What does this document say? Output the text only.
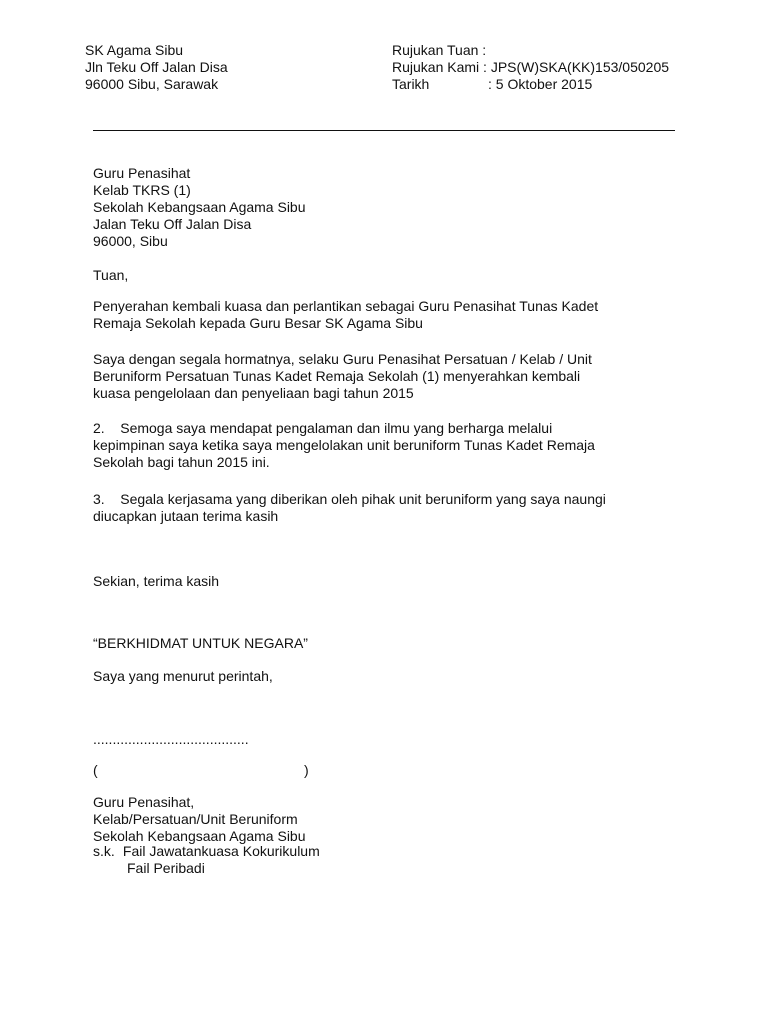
SK Agama Sibu
Jln Teku Off Jalan Disa
96000 Sibu, Sarawak
Rujukan Tuan :
Rujukan Kami : JPS(W)SKA(KK)153/050205
Tarikh	: 5 Oktober 2015
Guru Penasihat
Kelab TKRS (1)
Sekolah Kebangsaan Agama Sibu
Jalan Teku Off Jalan Disa
96000, Sibu
Tuan,
Penyerahan kembali kuasa dan perlantikan sebagai Guru Penasihat Tunas Kadet
Remaja Sekolah kepada Guru Besar SK Agama Sibu
Saya dengan segala hormatnya, selaku Guru Penasihat Persatuan / Kelab / Unit
Beruniform Persatuan Tunas Kadet Remaja Sekolah (1) menyerahkan kembali
kuasa pengelolaan dan penyeliaan bagi tahun 2015
2.    Semoga saya mendapat pengalaman dan ilmu yang berharga melalui
kepimpinan saya ketika saya mengelolakan unit beruniform Tunas Kadet Remaja
Sekolah bagi tahun 2015 ini.
3.    Segala kerjasama yang diberikan oleh pihak unit beruniform yang saya naungi
diucapkan jutaan terima kasih
Sekian, terima kasih
“BERKHIDMAT UNTUK NEGARA”
Saya yang menurut perintah,
........................................
(	)
Guru Penasihat,
Kelab/Persatuan/Unit Beruniform
Sekolah Kebangsaan Agama Sibu
s.k. Fail Jawatankuasa Kokurikulum
Fail Peribadi
